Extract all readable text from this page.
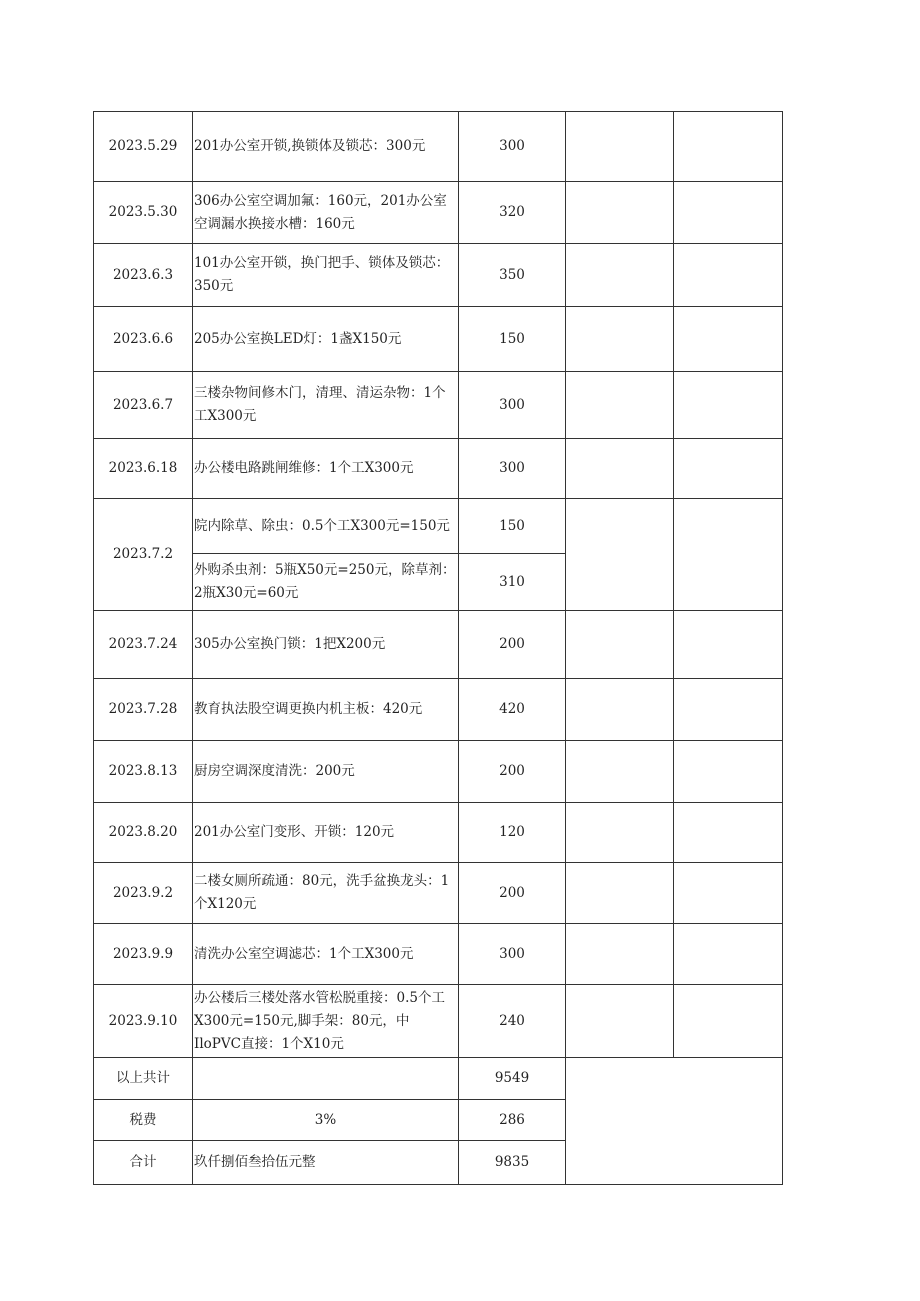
2023.5.29	201办公室开锁,换锁体及锁芯：300元	300		
2023.5.30	306办公室空调加氟：160元，201办公室空调漏水换接水槽：160元	320		
2023.6.3	101办公室开锁，换门把手、锁体及锁芯：350元	350		
2023.6.6	205办公室换LED灯：1盏X150元	150		
2023.6.7	三楼杂物间修木门，清理、清运杂物：1个工X300元	300		
2023.6.18	办公楼电路跳闸维修：1个工X300元	300		
2023.7.2	院内除草、除虫：0.5个工X300元=150元	150		
	外购杀虫剂：5瓶X50元=250元，除草剂：2瓶X30元=60元	310		
2023.7.24	305办公室换门锁：1把X200元	200		
2023.7.28	教育执法股空调更换内机主板：420元	420		
2023.8.13	厨房空调深度清洗：200元	200		
2023.8.20	201办公室门变形、开锁：120元	120		
2023.9.2	二楼女厕所疏通：80元，洗手盆换龙头：1个X120元	200		
2023.9.9	清洗办公室空调滤芯：1个工X300元	300		
2023.9.10	办公楼后三楼处落水管松脱重接：0.5个工X300元=150元,脚手架：80元，中IloPVC直接：1个X10元	240		
以上共计		9549		
税费	3%	286		
合计	玖仟捌佰叁拾伍元整	9835		
